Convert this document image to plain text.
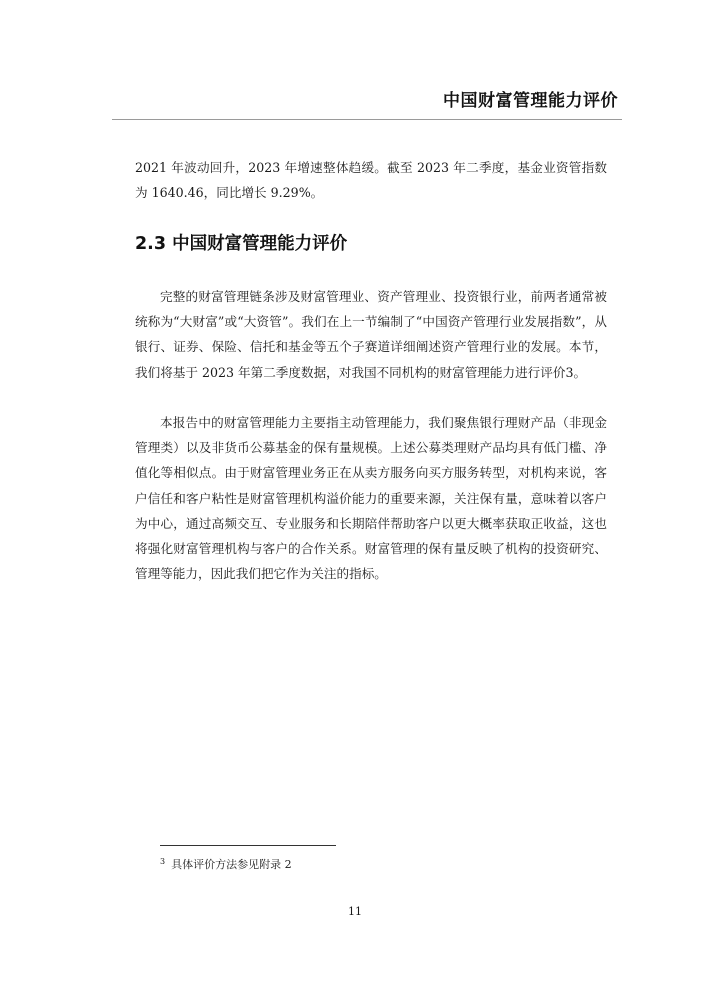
中国财富管理能力评价

2021 年波动回升，2023 年增速整体趋缓。截至 2023 年二季度，基金业资管指数为 1640.46，同比增长 9.29%。

2.3 中国财富管理能力评价

完整的财富管理链条涉及财富管理业、资产管理业、投资银行业，前两者通常被统称为“大财富”或“大资管”。我们在上一节编制了“中国资产管理行业发展指数”，从银行、证券、保险、信托和基金等五个子赛道详细阐述资产管理行业的发展。本节，我们将基于 2023 年第二季度数据，对我国不同机构的财富管理能力进行评价3。

本报告中的财富管理能力主要指主动管理能力，我们聚焦银行理财产品（非现金管理类）以及非货币公募基金的保有量规模。上述公募类理财产品均具有低门槛、净值化等相似点。由于财富管理业务正在从卖方服务向买方服务转型，对机构来说，客户信任和客户粘性是财富管理机构溢价能力的重要来源，关注保有量，意味着以客户为中心，通过高频交互、专业服务和长期陪伴帮助客户以更大概率获取正收益，这也将强化财富管理机构与客户的合作关系。财富管理的保有量反映了机构的投资研究、管理等能力，因此我们把它作为关注的指标。

$^3$ 具体评价方法参见附录 2
11
